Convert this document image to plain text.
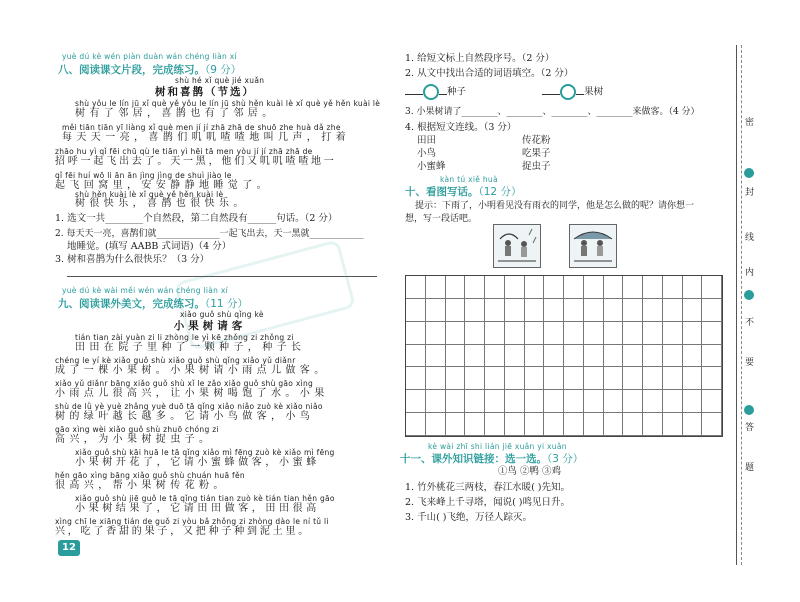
yuè dú kè wén piàn duàn wán chéng liàn xí
八、阅读课文片段，完成练习。（9 分）
shù hé xǐ què jié xuǎn
树和喜鹊（节选）
shù yǒu le lín jū xǐ què yě yǒu le lín jū shù hěn kuài lè xǐ què yě hěn kuài lè
树有了邻居，喜鹊也有了邻居。
měi tiān tiān yī liàng xǐ què men jí jí zhā zhā de shuō zhe huà dǎ zhe
每天天一亮，喜鹊们叽叽喳喳地叫几声，打着
zhāo hu yì qǐ fēi chū qù le tiān yì hēi tā men yòu jí jí zhā zhā de
招呼一起飞出去了。天一黑，他们又叽叽喳喳地一
qǐ fēi huí wō li ān ān jìng jìng de shuì jiào le
起飞回窝里，安安静静地睡觉了。
shù hěn kuài lè xǐ què yě hěn kuài lè
树很快乐，喜鹊也很快乐。
1. 选文一共________个自然段，第二自然段有______句话。（2 分）
2. 每天天一亮，喜鹊们就______________一起飞出去，天一黑就____________
地睡觉。(填写 AABB 式词语)（4 分）
3. 树和喜鹊为什么很快乐？（3 分）
yuè dú kè wài měi wén wán chéng liàn xí
九、阅读课外美文，完成练习。（11 分）
xiǎo guǒ shù qǐng kè
小果树请客
tián tian zài yuàn zi li zhòng le yì kē zhǒng zi zhǒng zi
田田在院子里种了一颗种子，种子长
chéng le yí kè xiǎo guǒ shù xiǎo guǒ shù qǐng xiǎo yǔ diǎnr
成了一棵小果树。小果树请小雨点儿做客。
xiǎo yǔ diǎnr bāng xiǎo guǒ shù xǐ le zǎo xiǎo guǒ shù gāo xìng
小雨点儿很高兴，让小果树喝饱了水。小果
shù de lǜ yè yuè zhǎng yuè duō tā qǐng xiǎo niǎo zuò kè xiǎo niǎo
树的绿叶越长越多。它请小鸟做客，小鸟
gāo xìng wèi xiǎo guǒ shù zhuō chóng zi
高兴，为小果树捉虫子。
xiǎo guǒ shù kāi huā le tā qǐng xiǎo mì fēng zuò kè xiǎo mì fēng
小果树开花了，它请小蜜蜂做客，小蜜蜂
hěn gāo xìng bāng xiǎo guǒ shù chuán huā fěn
很高兴，帮小果树传花粉。
xiǎo guǒ shù jiē guǒ le tā qǐng tián tian zuò kè tián tian hěn gāo
小果树结果了，它请田田做客，田田很高
xìng chī le xiāng tián de guǒ zi yòu bǎ zhǒng zi zhòng dào le ní tǔ li
兴，吃了香甜的果子，又把种子种到泥土里。
12
1. 给短文标上自然段序号。（2 分）
2. 从文中找出合适的词语填空。（2 分）
种子	果树
3. 小果树请了________、________、________、________来做客。（4 分）
4. 根据短文连线。（3 分）
田田
小鸟
小蜜蜂
传花粉
吃果子
捉虫子
kàn tú xiě huà
十、看图写话。（12 分）
提示：下雨了，小明看见没有雨衣的同学，他是怎么做的呢？请你想一
想，写一段话吧。
kè wài zhī shi lián jiē xuǎn yi xuǎn
十一、课外知识链接：选一选。（3 分）
①鸟 ②鸭 ③鸡
1. 竹外桃花三两枝，春江水暖( )先知。
2. 飞来峰上千寻塔，闻说( )鸣见日升。
3. 千山( )飞绝，万径人踪灭。
密
封
线
内
不
要
答
题
